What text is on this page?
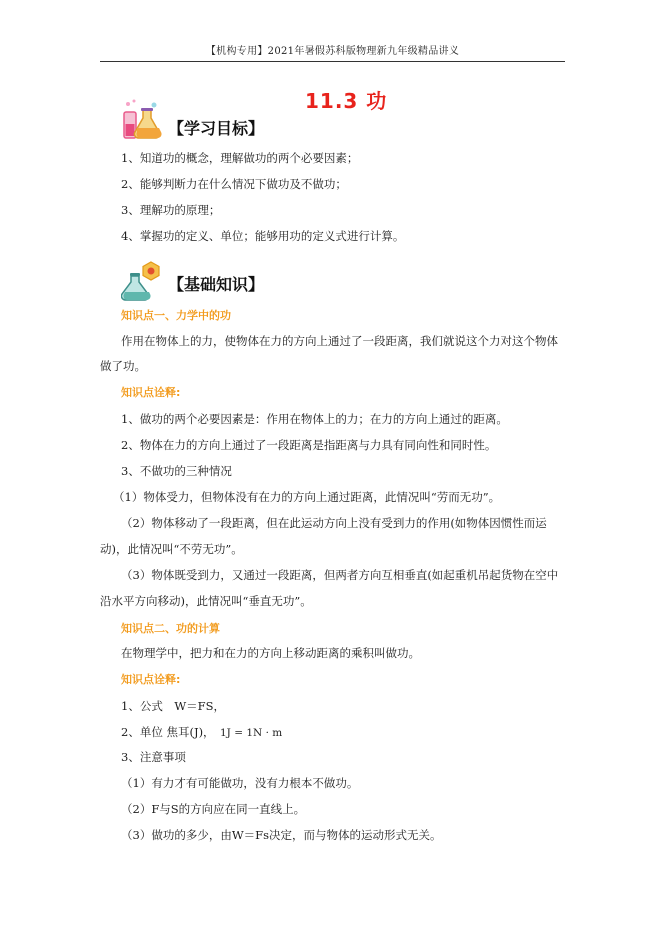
【机构专用】2021年暑假苏科版物理新九年级精品讲义
11.3 功
【学习目标】
1、知道功的概念，理解做功的两个必要因素；
2、能够判断力在什么情况下做功及不做功；
3、理解功的原理；
4、掌握功的定义、单位；能够用功的定义式进行计算。
【基础知识】
知识点一、力学中的功
作用在物体上的力，使物体在力的方向上通过了一段距离，我们就说这个力对这个物体
做了功。
知识点诠释:
1、做功的两个必要因素是：作用在物体上的力；在力的方向上通过的距离。
2、物体在力的方向上通过了一段距离是指距离与力具有同向性和同时性。
3、不做功的三种情况
（1）物体受力，但物体没有在力的方向上通过距离，此情况叫“劳而无功”。
（2）物体移动了一段距离，但在此运动方向上没有受到力的作用(如物体因惯性而运
动)，此情况叫“不劳无功”。
（3）物体既受到力，又通过一段距离，但两者方向互相垂直(如起重机吊起货物在空中
沿水平方向移动)，此情况叫“垂直无功”。
知识点二、功的计算
在物理学中，把力和在力的方向上移动距离的乘积叫做功。
知识点诠释:
1、公式　W＝FS，
2、单位 焦耳(J)， 1J = 1N · m
3、注意事项
（1）有力才有可能做功，没有力根本不做功。
（2）F与S的方向应在同一直线上。
（3）做功的多少，由W＝Fs决定，而与物体的运动形式无关。
